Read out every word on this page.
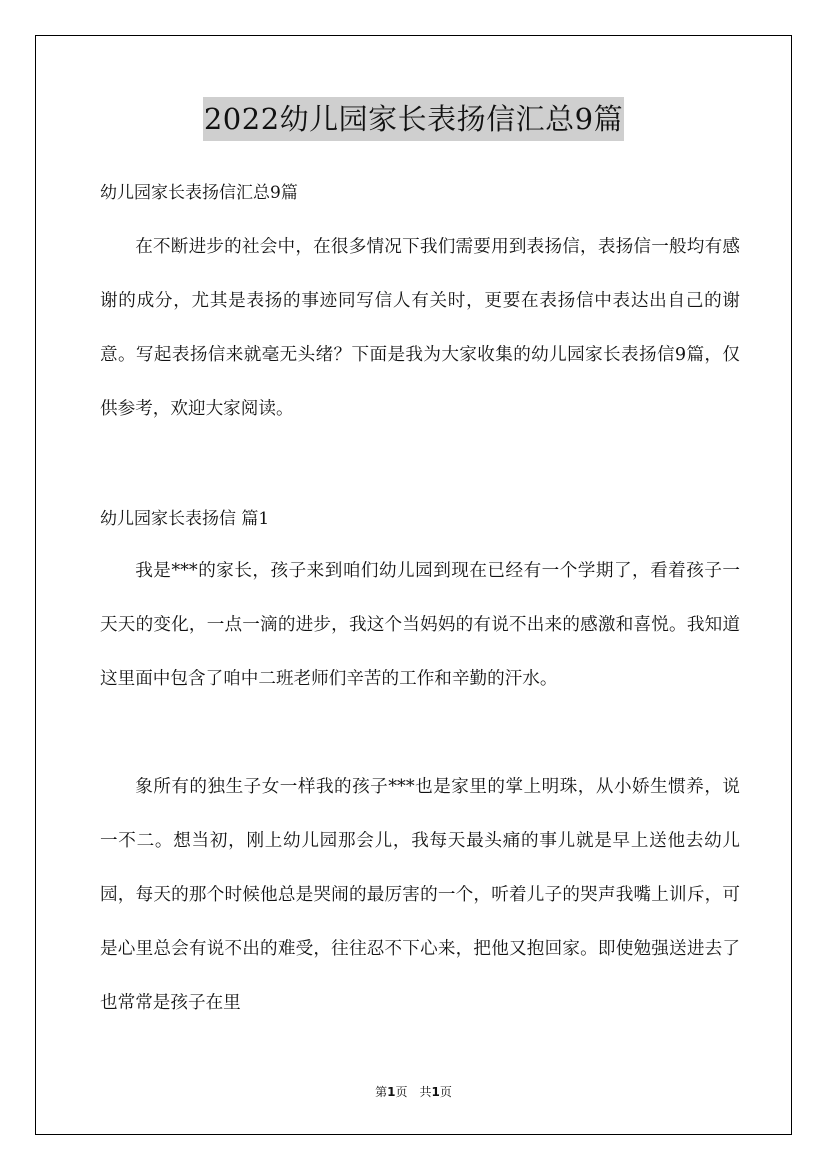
2022幼儿园家长表扬信汇总9篇
幼儿园家长表扬信汇总9篇

在不断进步的社会中，在很多情况下我们需要用到表扬信，表扬信一般均有感谢的成分，尤其是表扬的事迹同写信人有关时，更要在表扬信中表达出自己的谢意。写起表扬信来就毫无头绪？下面是我为大家收集的幼儿园家长表扬信9篇，仅供参考，欢迎大家阅读。

幼儿园家长表扬信 篇1

我是***的家长，孩子来到咱们幼儿园到现在已经有一个学期了，看着孩子一天天的变化，一点一滴的进步，我这个当妈妈的有说不出来的感激和喜悦。我知道这里面中包含了咱中二班老师们辛苦的工作和辛勤的汗水。

象所有的独生子女一样我的孩子***也是家里的掌上明珠，从小娇生惯养，说一不二。想当初，刚上幼儿园那会儿，我每天最头痛的事儿就是早上送他去幼儿园，每天的那个时候他总是哭闹的最厉害的一个，听着儿子的哭声我嘴上训斥，可是心里总会有说不出的难受，往往忍不下心来，把他又抱回家。即使勉强送进去了也常常是孩子在里

第1页　共1页
